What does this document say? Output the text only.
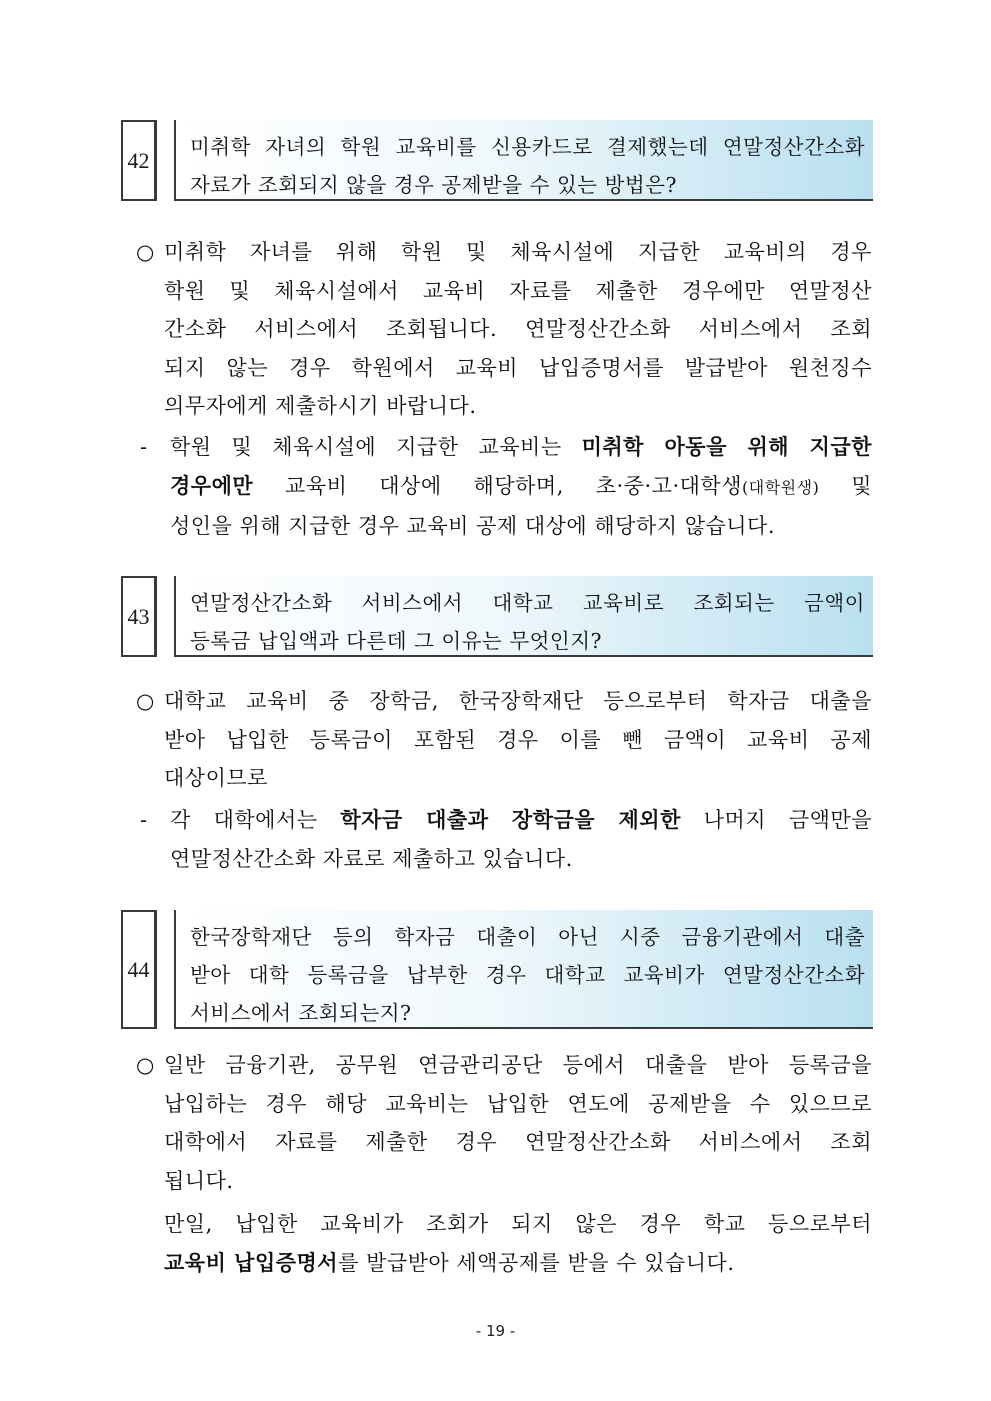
42
미취학 자녀의 학원 교육비를 신용카드로 결제했는데 연말정산간소화
자료가 조회되지 않을 경우 공제받을 수 있는 방법은?
○ 미취학 자녀를 위해 학원 및 체육시설에 지급한 교육비의 경우
학원 및 체육시설에서 교육비 자료를 제출한 경우에만 연말정산
간소화 서비스에서 조회됩니다. 연말정산간소화 서비스에서 조회
되지 않는 경우 학원에서 교육비 납입증명서를 발급받아 원천징수
의무자에게 제출하시기 바랍니다.
- 학원 및 체육시설에 지급한 교육비는 미취학 아동을 위해 지급한
경우에만 교육비 대상에 해당하며, 초·중·고·대학생(대학원생) 및
성인을 위해 지급한 경우 교육비 공제 대상에 해당하지 않습니다.
43
연말정산간소화 서비스에서 대학교 교육비로 조회되는 금액이
등록금 납입액과 다른데 그 이유는 무엇인지?
○ 대학교 교육비 중 장학금, 한국장학재단 등으로부터 학자금 대출을
받아 납입한 등록금이 포함된 경우 이를 뺀 금액이 교육비 공제
대상이므로
- 각 대학에서는 학자금 대출과 장학금을 제외한 나머지 금액만을
연말정산간소화 자료로 제출하고 있습니다.
44
한국장학재단 등의 학자금 대출이 아닌 시중 금융기관에서 대출
받아 대학 등록금을 납부한 경우 대학교 교육비가 연말정산간소화
서비스에서 조회되는지?
○ 일반 금융기관, 공무원 연금관리공단 등에서 대출을 받아 등록금을
납입하는 경우 해당 교육비는 납입한 연도에 공제받을 수 있으므로
대학에서 자료를 제출한 경우 연말정산간소화 서비스에서 조회
됩니다.
만일, 납입한 교육비가 조회가 되지 않은 경우 학교 등으로부터
교육비 납입증명서를 발급받아 세액공제를 받을 수 있습니다.
- 19 -
